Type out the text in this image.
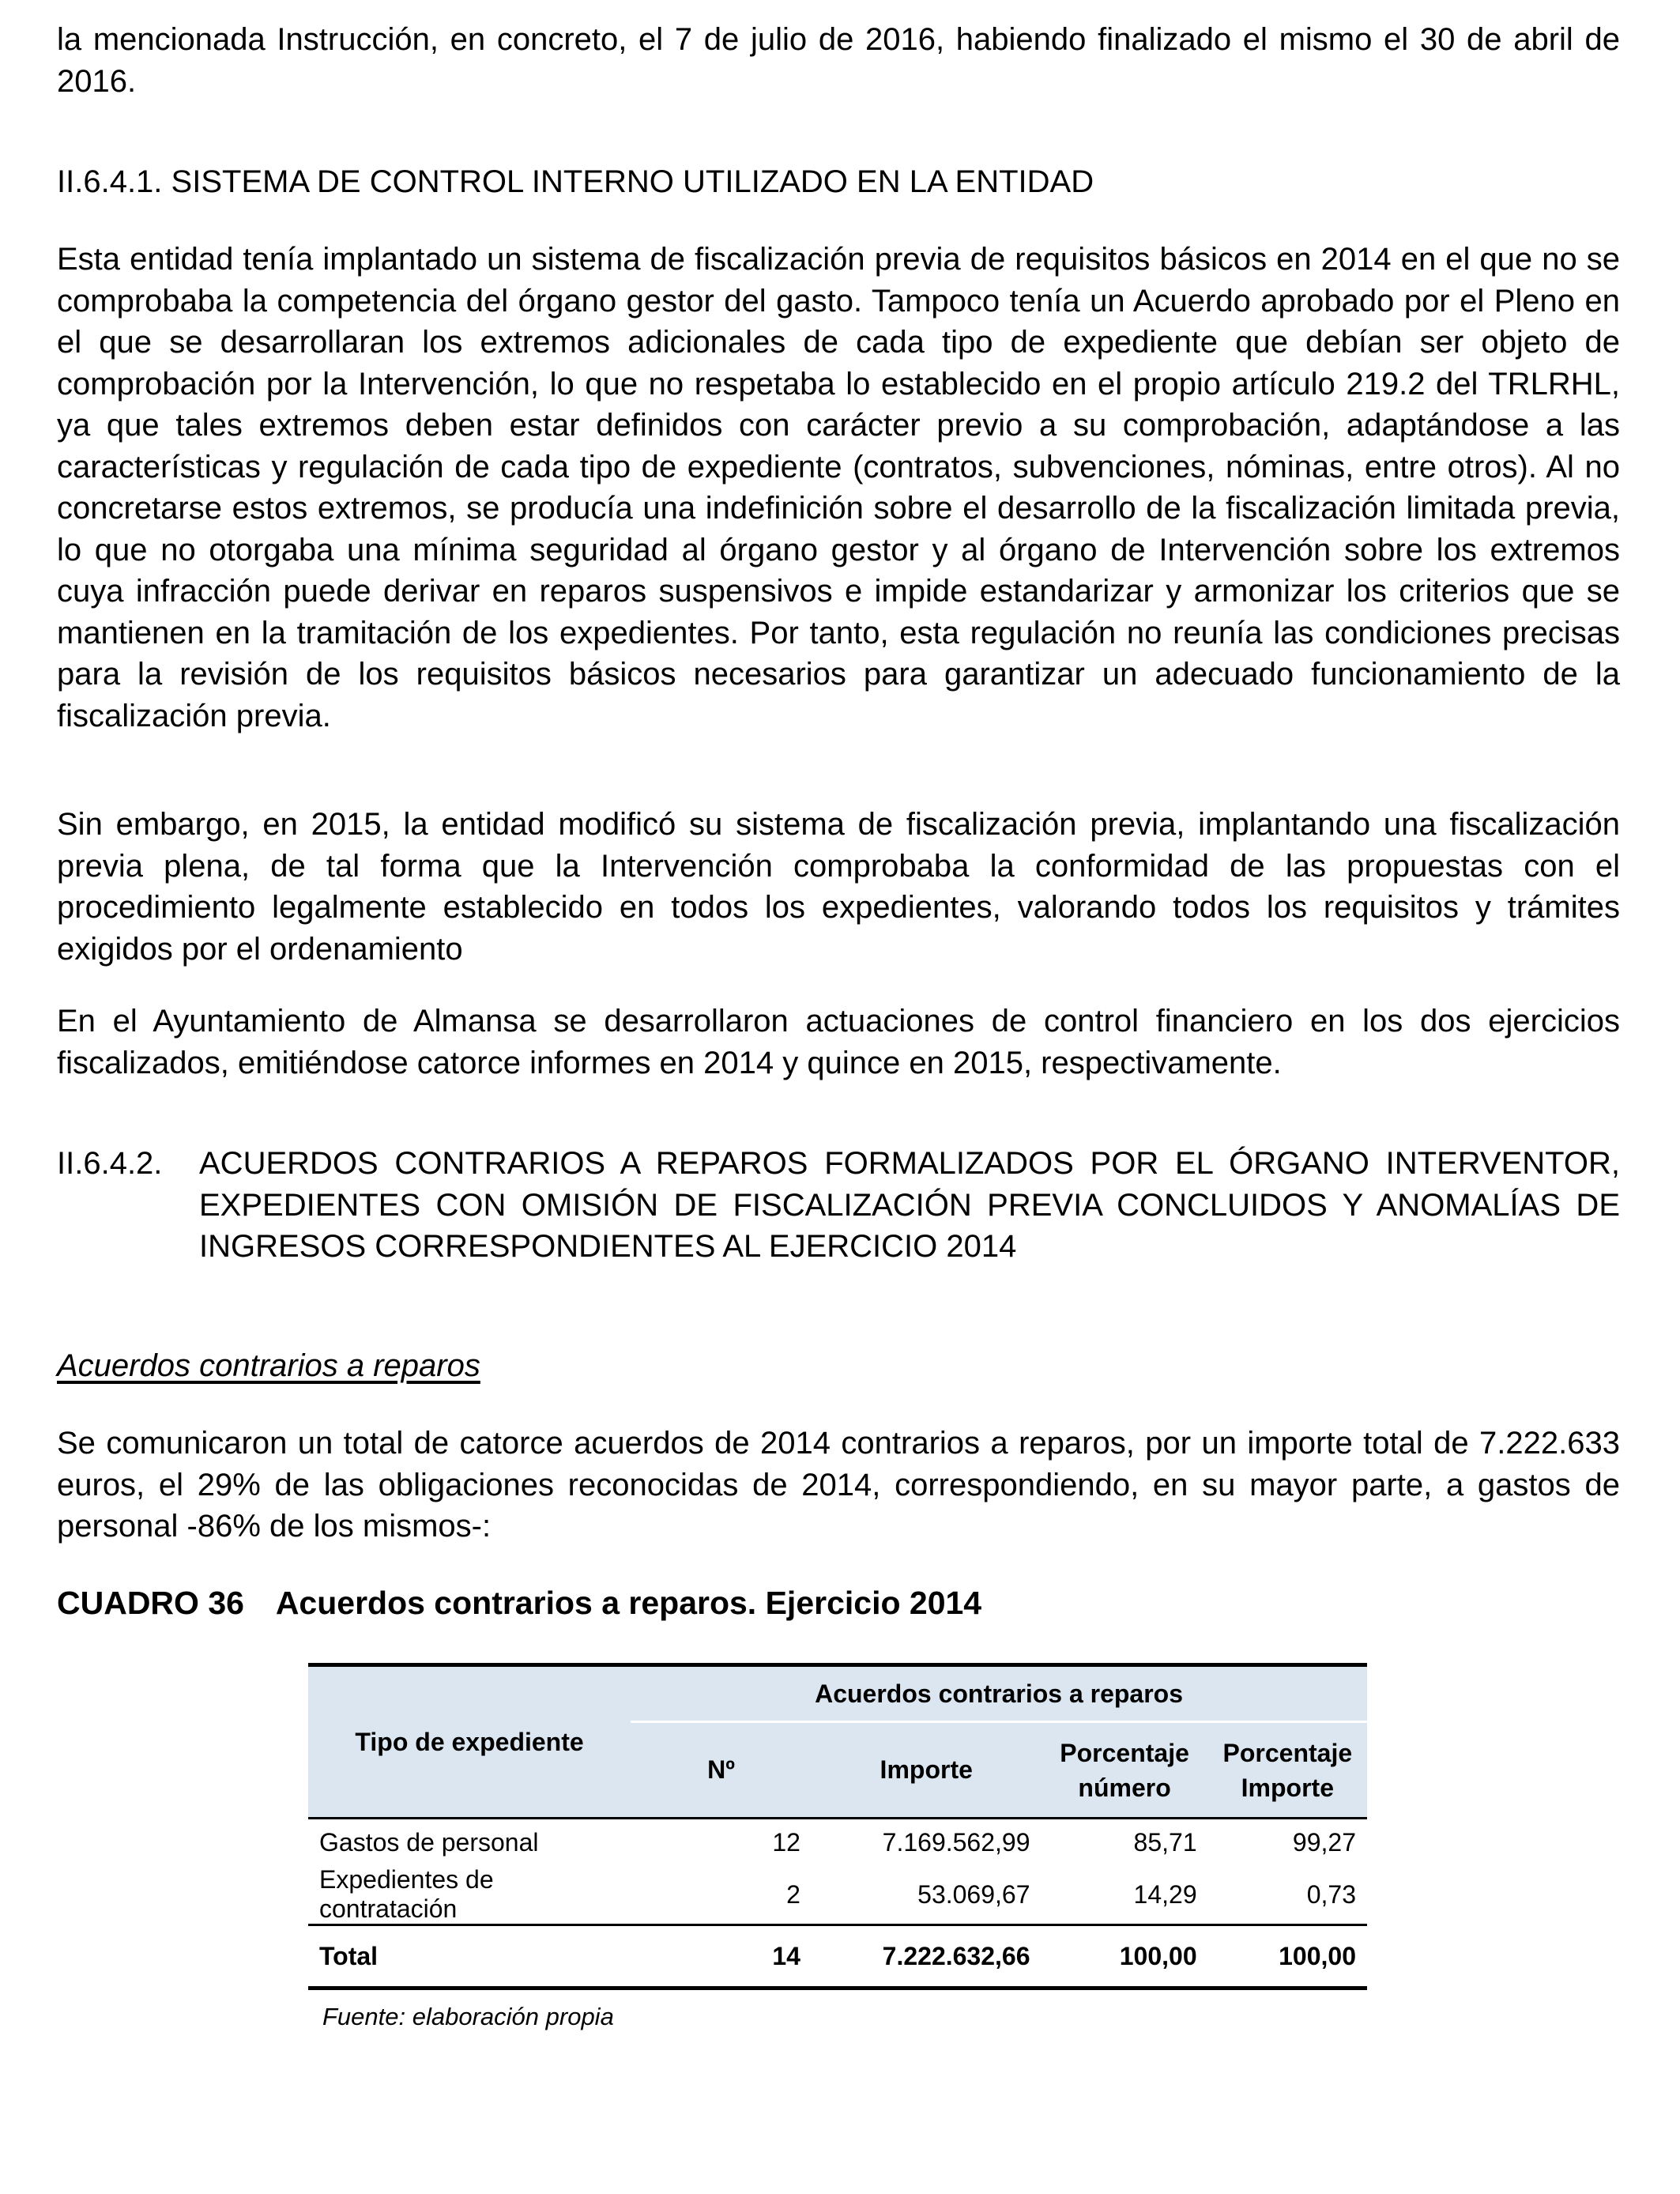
la mencionada Instrucción, en concreto, el 7 de julio de 2016, habiendo finalizado el mismo el 30 de abril de 2016.

II.6.4.1. SISTEMA DE CONTROL INTERNO UTILIZADO EN LA ENTIDAD

Esta entidad tenía implantado un sistema de fiscalización previa de requisitos básicos en 2014 en el que no se comprobaba la competencia del órgano gestor del gasto. Tampoco tenía un Acuerdo aprobado por el Pleno en el que se desarrollaran los extremos adicionales de cada tipo de expediente que debían ser objeto de comprobación por la Intervención, lo que no respetaba lo establecido en el propio artículo 219.2 del TRLRHL, ya que tales extremos deben estar definidos con carácter previo a su comprobación, adaptándose a las características y regulación de cada tipo de expediente (contratos, subvenciones, nóminas, entre otros). Al no concretarse estos extremos, se producía una indefinición sobre el desarrollo de la fiscalización limitada previa, lo que no otorgaba una mínima seguridad al órgano gestor y al órgano de Intervención sobre los extremos cuya infracción puede derivar en reparos suspensivos e impide estandarizar y armonizar los criterios que se mantienen en la tramitación de los expedientes. Por tanto, esta regulación no reunía las condiciones precisas para la revisión de los requisitos básicos necesarios para garantizar un adecuado funcionamiento de la fiscalización previa.

Sin embargo, en 2015, la entidad modificó su sistema de fiscalización previa, implantando una fiscalización previa plena, de tal forma que la Intervención comprobaba la conformidad de las propuestas con el procedimiento legalmente establecido en todos los expedientes, valorando todos los requisitos y trámites exigidos por el ordenamiento

En el Ayuntamiento de Almansa se desarrollaron actuaciones de control financiero en los dos ejercicios fiscalizados, emitiéndose catorce informes en 2014 y quince en 2015, respectivamente.

II.6.4.2.	ACUERDOS CONTRARIOS A REPAROS FORMALIZADOS POR EL ÓRGANO INTERVENTOR, EXPEDIENTES CON OMISIÓN DE FISCALIZACIÓN PREVIA CONCLUIDOS Y ANOMALÍAS DE INGRESOS CORRESPONDIENTES AL EJERCICIO 2014

Acuerdos contrarios a reparos

Se comunicaron un total de catorce acuerdos de 2014 contrarios a reparos, por un importe total de 7.222.633 euros, el 29% de las obligaciones reconocidas de 2014, correspondiendo, en su mayor parte, a gastos de personal -86% de los mismos-:

CUADRO 36 Acuerdos contrarios a reparos. Ejercicio 2014

Tipo de expediente	Acuerdos contrarios a reparos			
	Nº	Importe	Porcentaje número	Porcentaje Importe
Gastos de personal	12	7.169.562,99	85,71	99,27
Expedientes de contratación	2	53.069,67	14,29	0,73
Total	14	7.222.632,66	100,00	100,00
Fuente: elaboración propia
